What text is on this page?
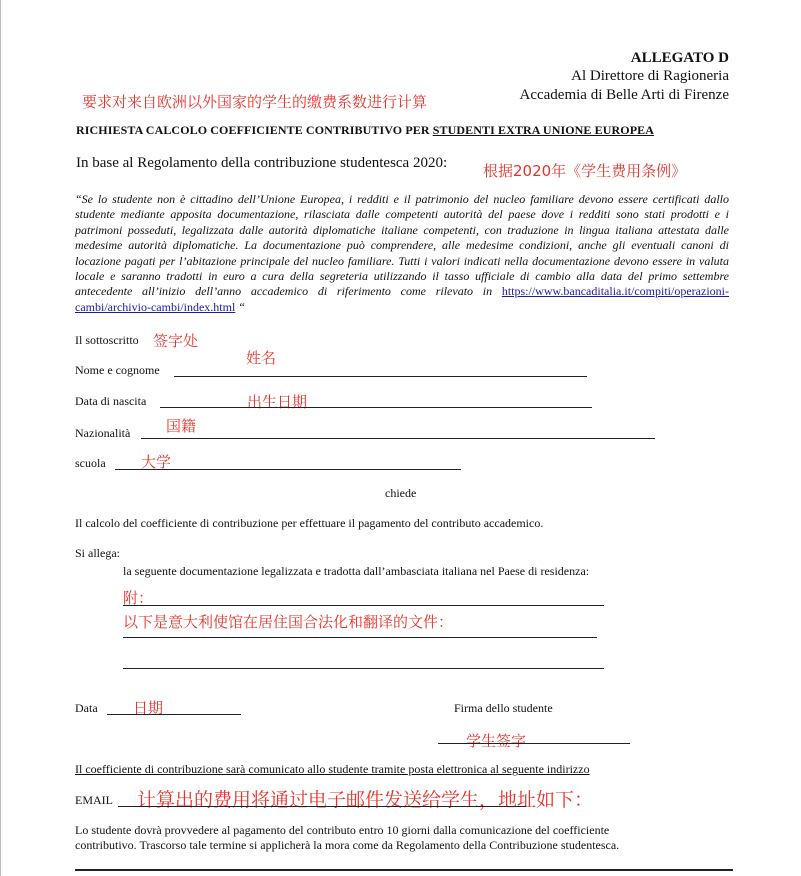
ALLEGATO D
Al Direttore di Ragioneria
Accademia di Belle Arti di Firenze
要求对来自欧洲以外国家的学生的缴费系数进行计算
RICHIESTA CALCOLO COEFFICIENTE CONTRIBUTIVO PER STUDENTI EXTRA UNIONE EUROPEA
In base al Regolamento della contribuzione studentesca 2020: 根据2020年《学生费用条例》
“Se lo studente non è cittadino dell’Unione Europea, i redditi e il patrimonio del nucleo familiare devono essere certificati dallo studente mediante apposita documentazione, rilasciata dalle competenti autorità del paese dove i redditi sono stati prodotti e i patrimoni posseduti, legalizzata dalle autorità diplomatiche italiane competenti, con traduzione in lingua italiana attestata dalle medesime autorità diplomatiche. La documentazione può comprendere, alle medesime condizioni, anche gli eventuali canoni di locazione pagati per l’abitazione principale del nucleo familiare. Tutti i valori indicati nella documentazione devono essere in valuta locale e saranno tradotti in euro a cura della segreteria utilizzando il tasso ufficiale di cambio alla data del primo settembre antecedente all’inizio dell’anno accademico di riferimento come rilevato in https://www.bancaditalia.it/compiti/operazioni-cambi/archivio-cambi/index.html “
Il sottoscritto 签字处
姓名
Nome e cognome
Data di nascita	出生日期
国籍
Nazionalità
scuola 大学
chiede
Il calcolo del coefficiente di contribuzione per effettuare il pagamento del contributo accademico.
Si allega:
la seguente documentazione legalizzata e tradotta dall’ambasciata italiana nel Paese di residenza:
附：
以下是意大利使馆在居住国合法化和翻译的文件：
Data 日期	Firma dello studente
学生签字
Il coefficiente di contribuzione sarà comunicato allo studente tramite posta elettronica al seguente indirizzo
EMAIL 计算出的费用将通过电子邮件发送给学生，地址如下：
Lo studente dovrà provvedere al pagamento del contributo entro 10 giorni dalla comunicazione del coefficiente
contributivo. Trascorso tale termine si applicherà la mora come da Regolamento della Contribuzione studentesca.
